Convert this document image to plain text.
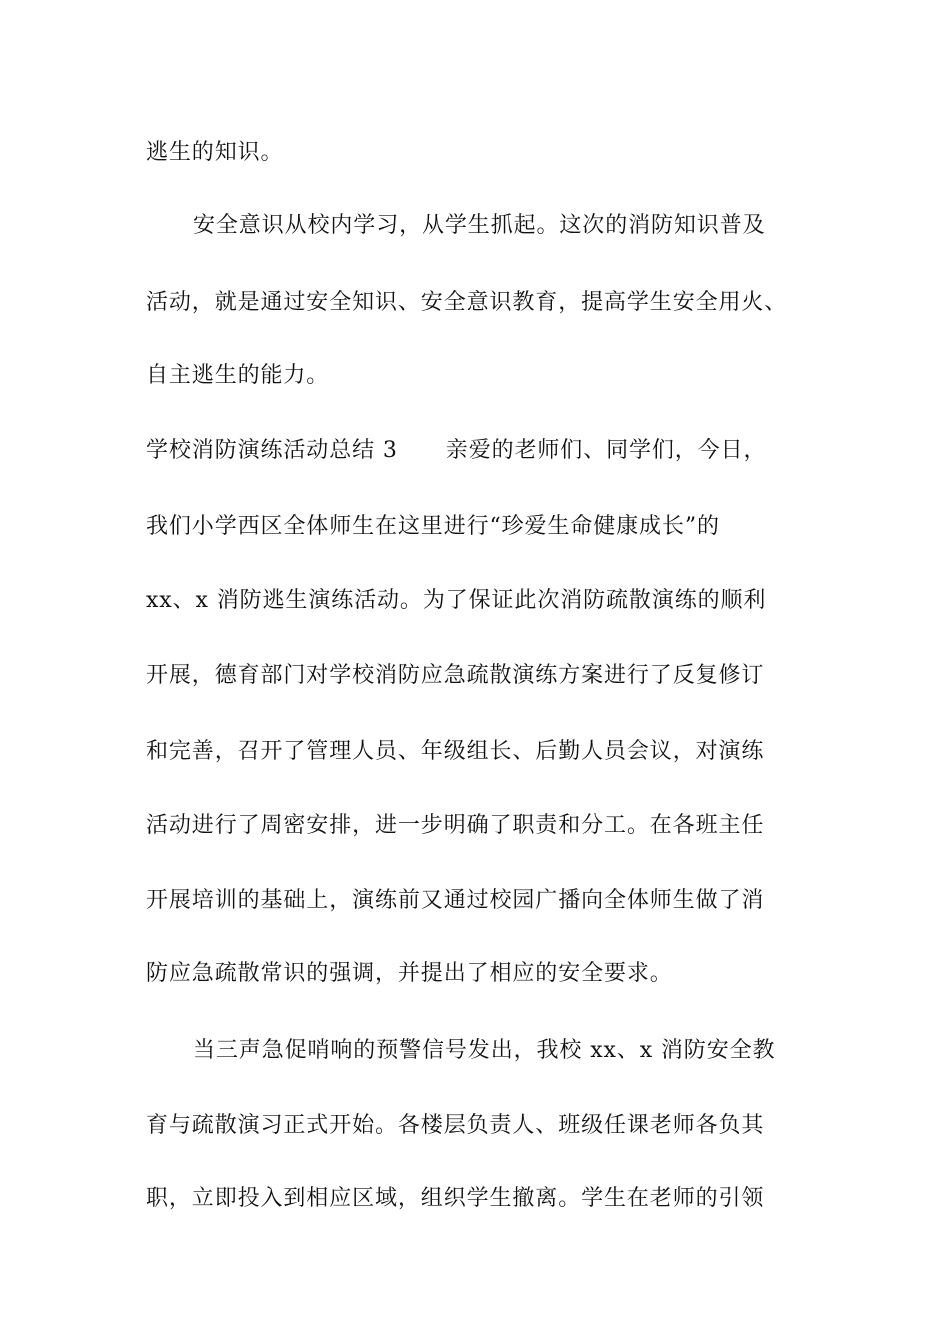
逃生的知识。
安全意识从校内学习，从学生抓起。这次的消防知识普及
活动，就是通过安全知识、安全意识教育，提高学生安全用火、
自主逃生的能力。
学校消防演练活动总结 3 亲爱的老师们、同学们，今日，
我们小学西区全体师生在这里进行“珍爱生命健康成长”的
xx、x 消防逃生演练活动。为了保证此次消防疏散演练的顺利
开展，德育部门对学校消防应急疏散演练方案进行了反复修订
和完善，召开了管理人员、年级组长、后勤人员会议，对演练
活动进行了周密安排，进一步明确了职责和分工。在各班主任
开展培训的基础上，演练前又通过校园广播向全体师生做了消
防应急疏散常识的强调，并提出了相应的安全要求。
当三声急促哨响的预警信号发出，我校 xx、x 消防安全教
育与疏散演习正式开始。各楼层负责人、班级任课老师各负其
职，立即投入到相应区域，组织学生撤离。学生在老师的引领
